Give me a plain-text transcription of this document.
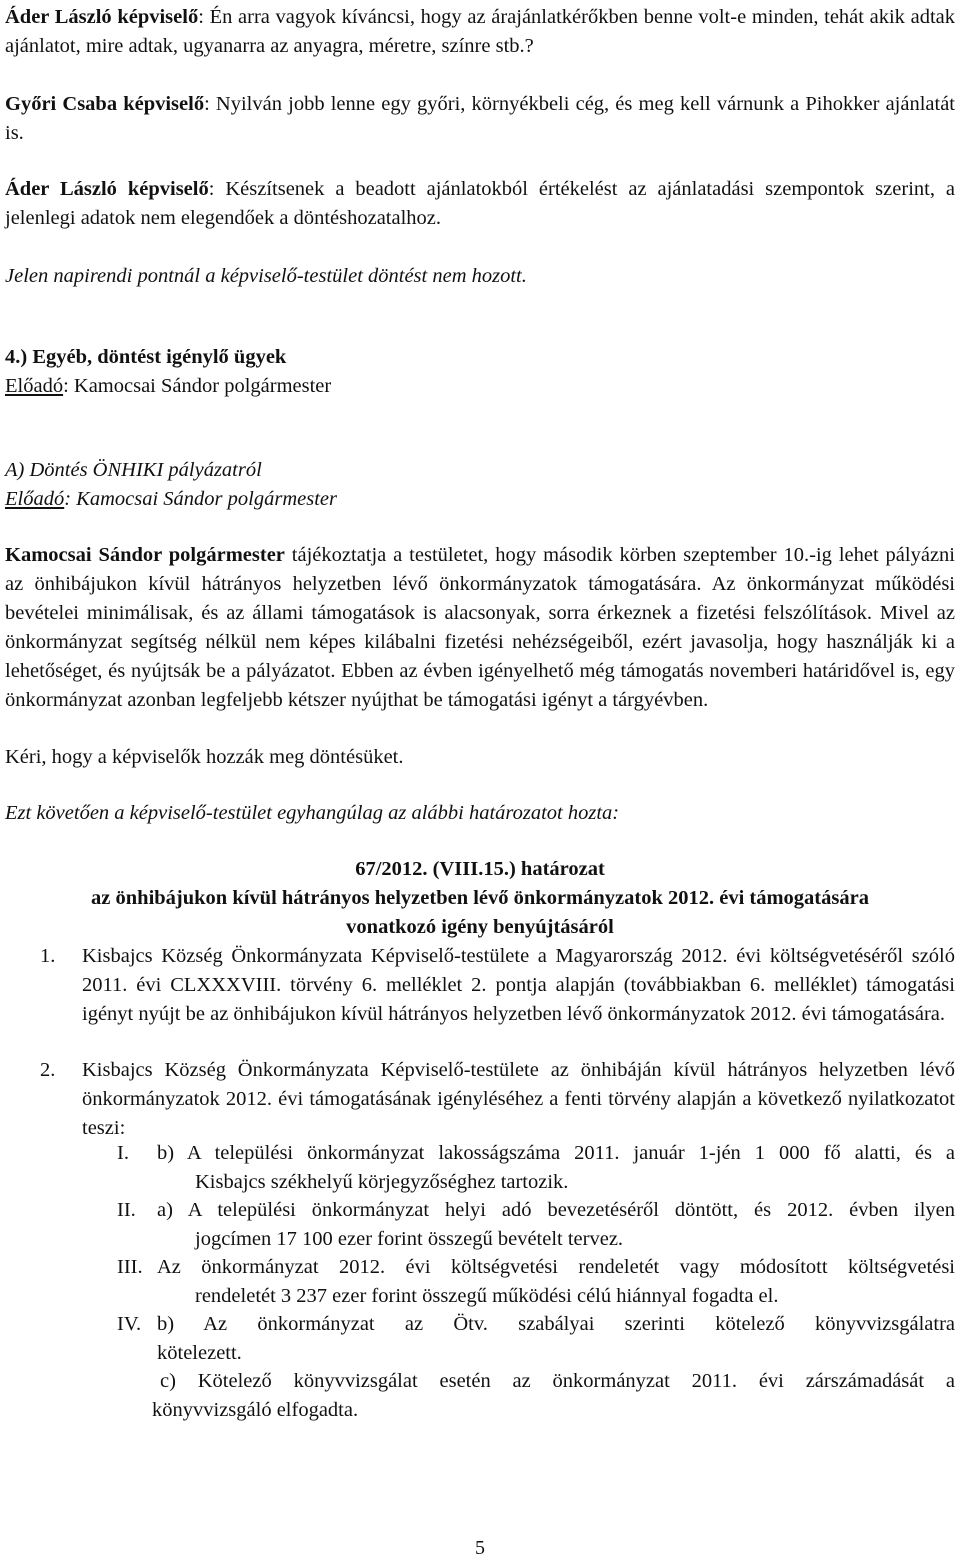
Áder László képviselő: Én arra vagyok kíváncsi, hogy az árajánlatkérőkben benne volt-e minden, tehát akik adtak ajánlatot, mire adtak, ugyanarra az anyagra, méretre, színre stb.?
Győri Csaba képviselő: Nyilván jobb lenne egy győri, környékbeli cég, és meg kell várnunk a Pihokker ajánlatát is.
Áder László képviselő: Készítsenek a beadott ajánlatokból értékelést az ajánlatadási szempontok szerint, a jelenlegi adatok nem elegendőek a döntéshozatalhoz.
Jelen napirendi pontnál a képviselő-testület döntést nem hozott.
4.) Egyéb, döntést igénylő ügyek
Előadó: Kamocsai Sándor polgármester
A) Döntés ÖNHIKI pályázatról
Előadó: Kamocsai Sándor polgármester
Kamocsai Sándor polgármester tájékoztatja a testületet, hogy második körben szeptember 10.-ig lehet pályázni az önhibájukon kívül hátrányos helyzetben lévő önkormányzatok támogatására. Az önkormányzat működési bevételei minimálisak, és az állami támogatások is alacsonyak, sorra érkeznek a fizetési felszólítások. Mivel az önkormányzat segítség nélkül nem képes kilábalni fizetési nehézségeiből, ezért javasolja, hogy használják ki a lehetőséget, és nyújtsák be a pályázatot. Ebben az évben igényelhető még támogatás novemberi határidővel is, egy önkormányzat azonban legfeljebb kétszer nyújthat be támogatási igényt a tárgyévben.
Kéri, hogy a képviselők hozzák meg döntésüket.
Ezt követően a képviselő-testület egyhangúlag az alábbi határozatot hozta:
67/2012. (VIII.15.) határozat
az önhibájukon kívül hátrányos helyzetben lévő önkormányzatok 2012. évi támogatására
vonatkozó igény benyújtásáról
1. Kisbajcs Község Önkormányzata Képviselő-testülete a Magyarország 2012. évi költségvetéséről szóló 2011. évi CLXXXVIII. törvény 6. melléklet 2. pontja alapján (továbbiakban 6. melléklet) támogatási igényt nyújt be az önhibájukon kívül hátrányos helyzetben lévő önkormányzatok 2012. évi támogatására.
2. Kisbajcs Község Önkormányzata Képviselő-testülete az önhibáján kívül hátrányos helyzetben lévő önkormányzatok 2012. évi támogatásának igényléséhez a fenti törvény alapján a következő nyilatkozatot teszi:
I. b) A települési önkormányzat lakosságszáma 2011. január 1-jén 1 000 fő alatti, és a
Kisbajcs székhelyű körjegyzőséghez tartozik.
II. a) A települési önkormányzat helyi adó bevezetéséről döntött, és 2012. évben ilyen
jogcímen 17 100 ezer forint összegű bevételt tervez.
III. Az önkormányzat 2012. évi költségvetési rendeletét vagy módosított költségvetési
rendeletét 3 237 ezer forint összegű működési célú hiánnyal fogadta el.
IV. b) Az önkormányzat az Ötv. szabályai szerinti kötelező könyvvizsgálatra
kötelezett.
c) Kötelező könyvvizsgálat esetén az önkormányzat 2011. évi zárszámadását a
könyvvizsgáló elfogadta.
5
